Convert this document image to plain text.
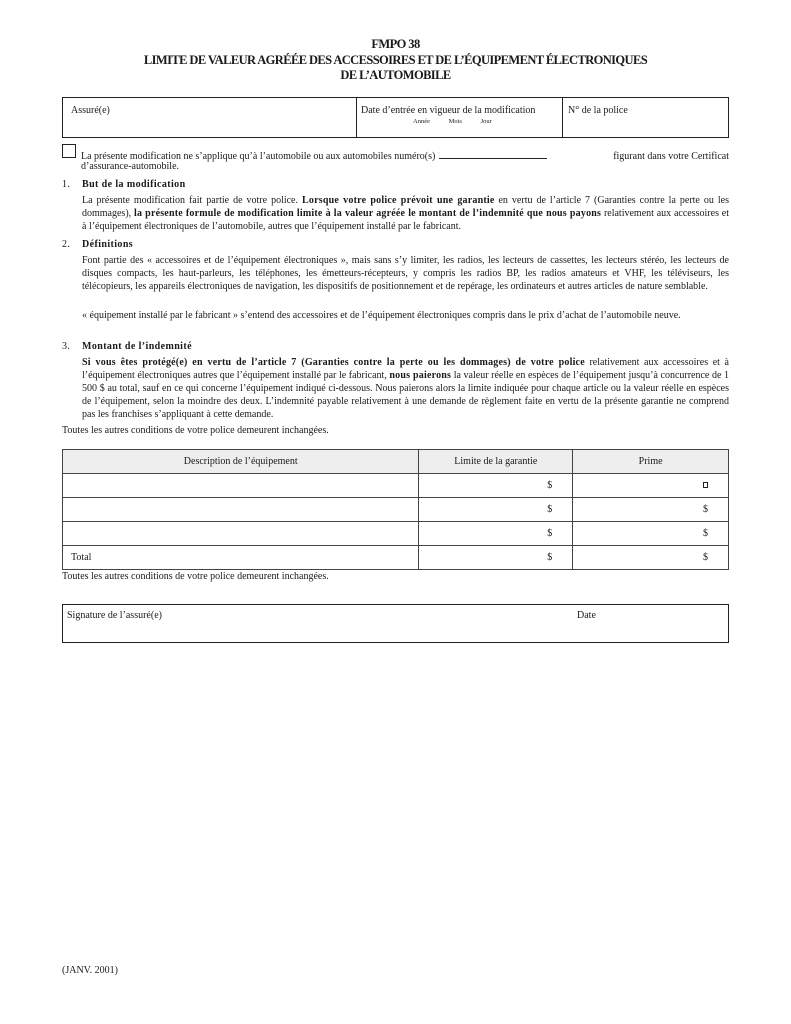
FMPO 38
LIMITE DE VALEUR AGRÉÉE DES ACCESSOIRES ET DE L’ÉQUIPEMENT ÉLECTRONIQUES
DE L’AUTOMOBILE
Assuré(e)	Date d’entrée en vigueur de la modification
Année	Mois	Jour
N° de la police
La présente modification ne s’applique qu’à l’automobile ou aux automobiles numéro(s)	figurant dans votre Certificat
d’assurance-automobile.
1. But de la modification
La présente modification fait partie de votre police. Lorsque votre police prévoit une garantie en vertu de l’article 7 (Garanties contre la perte ou les dommages), la présente formule de modification limite à la valeur agréée le montant de l’indemnité que nous payons relativement aux accessoires et à l’équipement électroniques de l’automobile, autres que l’équipement installé par le fabricant.
2. Définitions
Font partie des « accessoires et de l’équipement électroniques », mais sans s’y limiter, les radios, les lecteurs de cassettes, les lecteurs stéréo, les lecteurs de disques compacts, les haut-parleurs, les téléphones, les émetteurs-récepteurs, y compris les radios BP, les radios amateurs et VHF, les téléviseurs, les télécopieurs, les appareils électroniques de navigation, les dispositifs de positionnement et de repérage, les ordinateurs et autres articles de nature semblable.
« équipement installé par le fabricant » s’entend des accessoires et de l’équipement électroniques compris dans le prix d’achat de l’automobile neuve.
3. Montant de l’indemnité
Si vous êtes protégé(e) en vertu de l’article 7 (Garanties contre la perte ou les dommages) de votre police relativement aux accessoires et à l’équipement électroniques autres que l’équipement installé par le fabricant, nous paierons la valeur réelle en espèces de l’équipement jusqu’à concurrence de 1 500 $ au total, sauf en ce qui concerne l’équipement indiqué ci-dessous. Nous paierons alors la limite indiquée pour chaque article ou la valeur réelle en espèces de l’équipement, selon la moindre des deux. L’indemnité payable relativement à une demande de règlement faite en vertu de la présente garantie ne comprend pas les franchises s’appliquant à cette demande.
Toutes les autres conditions de votre police demeurent inchangées.
Description de l’équipement	Limite de la garantie	Prime
	$	
	$	$
	$	$
Total	$	$
Toutes les autres conditions de votre police demeurent inchangées.
Signature de l’assuré(e)	Date
(JANV. 2001)
